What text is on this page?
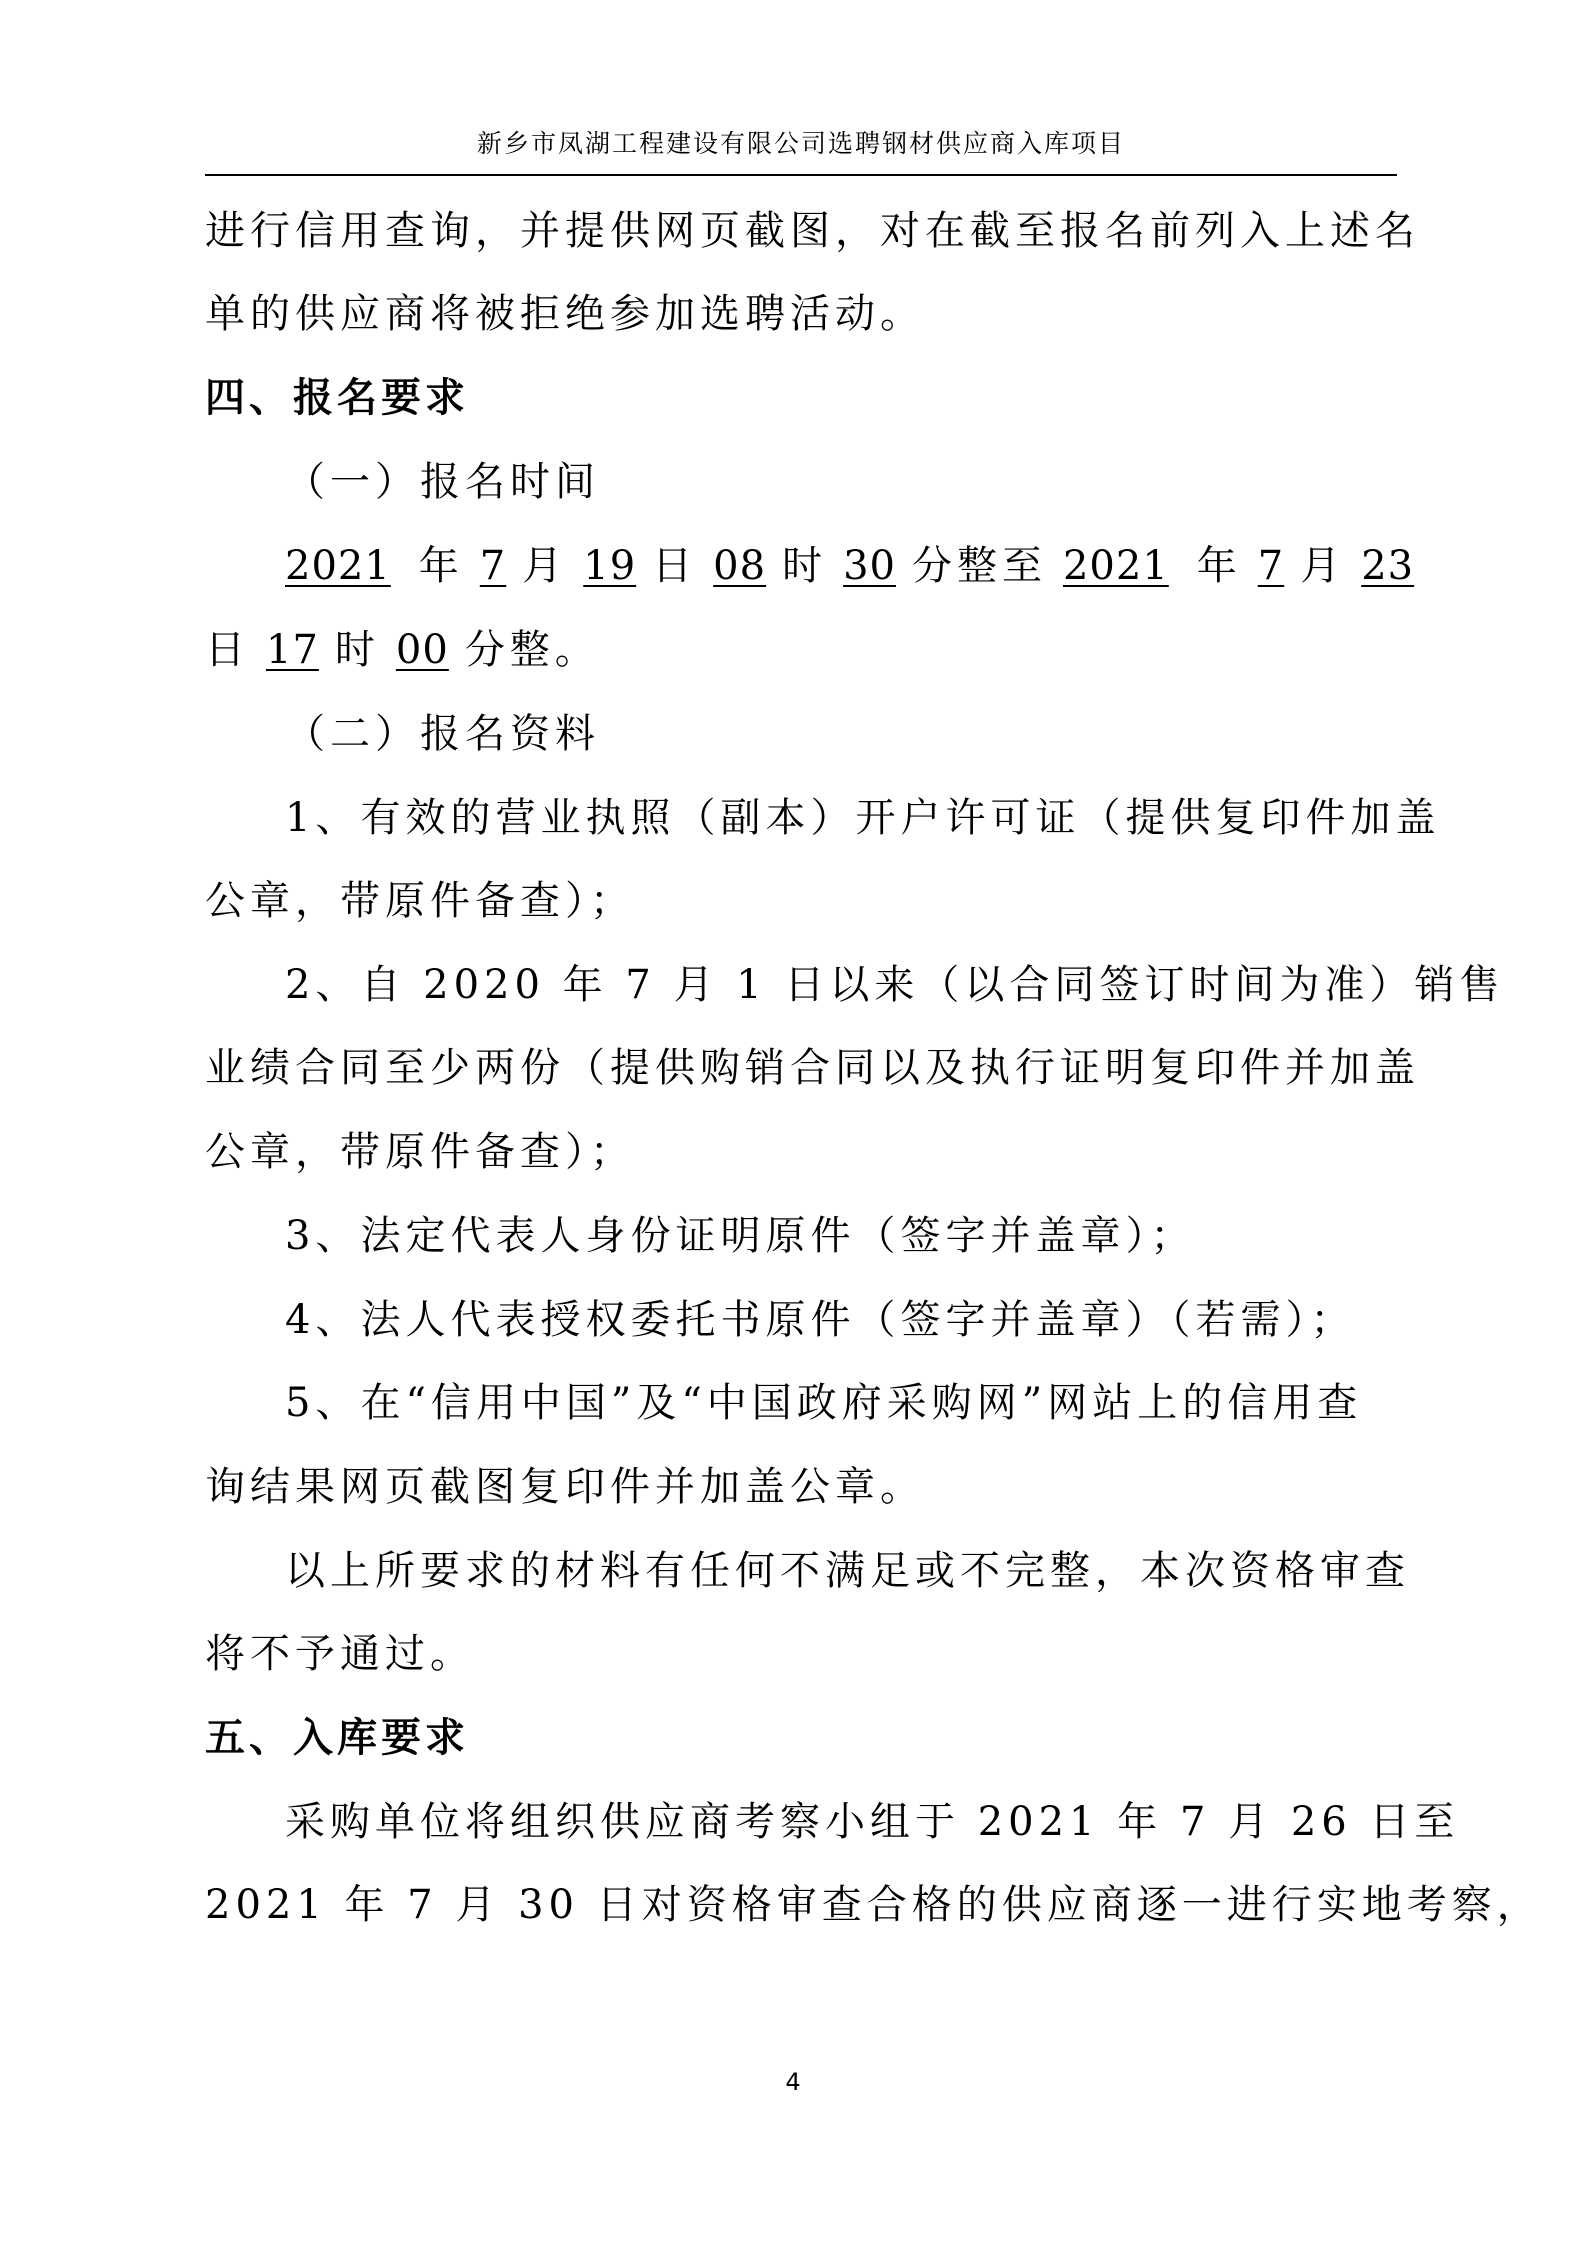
新乡市凤湖工程建设有限公司选聘钢材供应商入库项目
进行信用查询，并提供网页截图，对在截至报名前列入上述名
单的供应商将被拒绝参加选聘活动。
四、报名要求
（一）报名时间
2021 年 7 月 19 日 08 时 30 分整至 2021 年 7 月 23
日 17 时 00 分整。
（二）报名资料
1、有效的营业执照（副本）开户许可证（提供复印件加盖
公章，带原件备查）；
2、自 2020 年 7 月 1 日以来（以合同签订时间为准）销售
业绩合同至少两份（提供购销合同以及执行证明复印件并加盖
公章，带原件备查）；
3、法定代表人身份证明原件（签字并盖章）；
4、法人代表授权委托书原件（签字并盖章）（若需）；
5、在“信用中国”及“中国政府采购网”网站上的信用查
询结果网页截图复印件并加盖公章。
以上所要求的材料有任何不满足或不完整，本次资格审查
将不予通过。
五、入库要求
采购单位将组织供应商考察小组于 2021 年 7 月 26 日至
2021 年 7 月 30 日对资格审查合格的供应商逐一进行实地考察，
4
